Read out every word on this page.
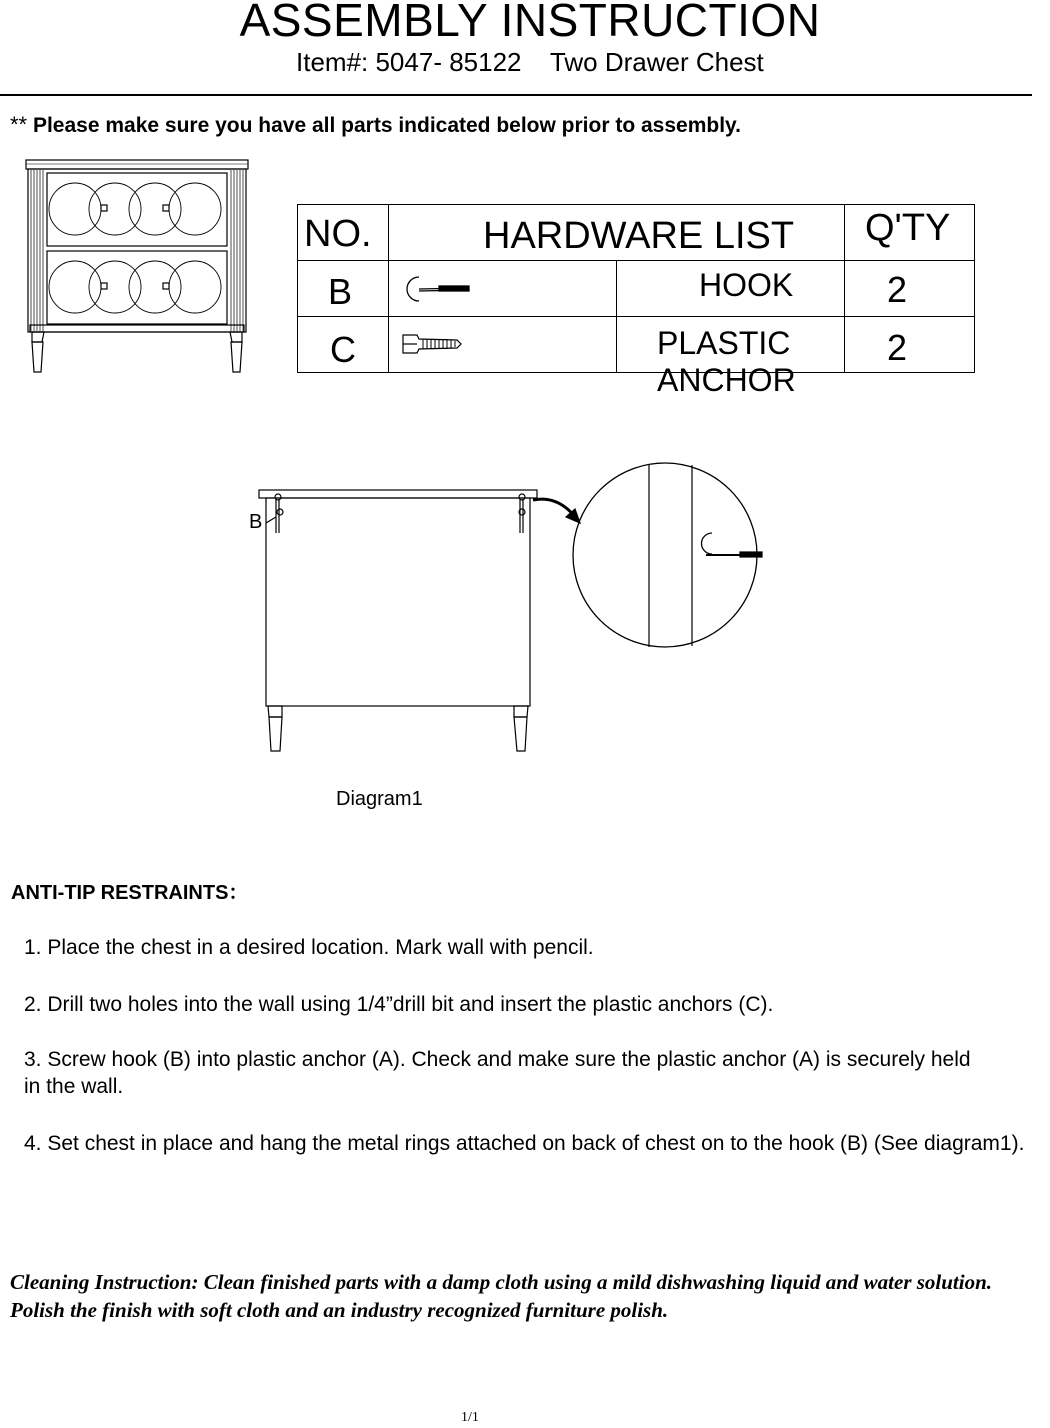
ASSEMBLY INSTRUCTION
Item#: 5047- 85122    Two Drawer Chest
** Please make sure you have all parts indicated below prior to assembly.
NO.	HARDWARE LIST		Q'TY

B		HOOK	2

C		PLASTIC ANCHOR	2
B
Diagram1
ANTI-TIP RESTRAINTS：
1. Place the chest in a desired location. Mark wall with pencil.
2. Drill two holes into the wall using 1/4”drill bit and insert the plastic anchors (C).
3. Screw hook (B) into plastic anchor (A). Check and make sure the plastic anchor (A) is securely held in the wall.
4. Set chest in place and hang the metal rings attached on back of chest on to the hook (B) (See diagram1).
Cleaning Instruction: Clean finished parts with a damp cloth using a mild dishwashing liquid and water solution. Polish the finish with soft cloth and an industry recognized furniture polish.
1/1
